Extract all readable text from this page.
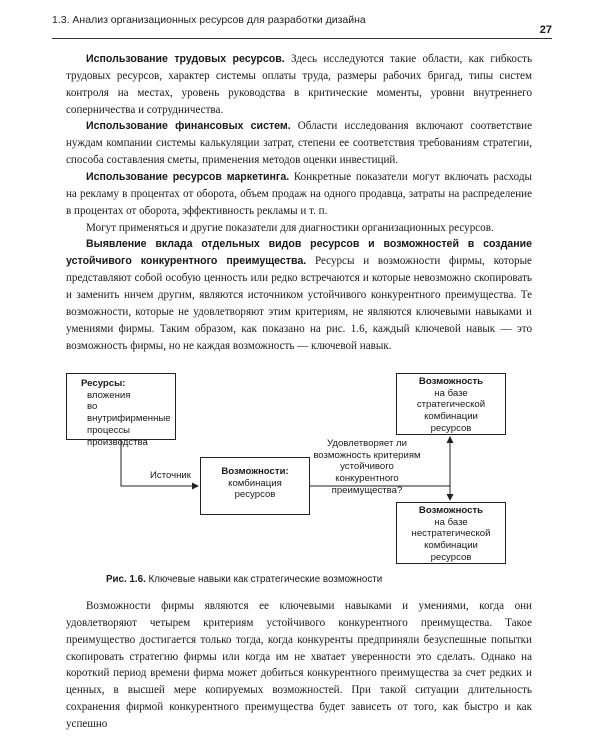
1.3. Анализ организационных ресурсов для разработки дизайна
27

Использование трудовых ресурсов. Здесь исследуются такие области, как гибкость трудовых ресурсов, характер системы оплаты труда, размеры рабочих бригад, типы систем контроля на местах, уровень руководства в критические моменты, уровни внутреннего соперничества и сотрудничества.

Использование финансовых систем. Области исследования включают соответствие нуждам компании системы калькуляции затрат, степени ее соответствия требованиям стратегии, способа составления сметы, применения методов оценки инвестиций.

Использование ресурсов маркетинга. Конкретные показатели могут включать расходы на рекламу в процентах от оборота, объем продаж на одного продавца, затраты на распределение в процентах от оборота, эффективность рекламы и т. п.

Могут применяться и другие показатели для диагностики организационных ресурсов.

Выявление вклада отдельных видов ресурсов и возможностей в создание устойчивого конкурентного преимущества. Ресурсы и возможности фирмы, которые представляют собой особую ценность или редко встречаются и которые невозможно скопировать и заменить ничем другим, являются источником устойчивого конкурентного преимущества. Те возможности, которые не удовлетворяют этим критериям, не являются ключевыми навыками и умениями фирмы. Таким образом, как показано на рис. 1.6, каждый ключевой навык — это возможность фирмы, но не каждая возможность — ключевой навык.

Ресурсы:
вложения
во внутрифирменные
процессы
производства
Источник	Возможности:
комбинация
ресурсов
Удовлетворяет ли возможность критериям устойчивого конкурентного преимущества?
Возможность
на базе
стратегической
комбинации
ресурсов
Возможность
на базе
нестратегической
комбинации
ресурсов
Рис. 1.6. Ключевые навыки как стратегические возможности

Возможности фирмы являются ее ключевыми навыками и умениями, когда они удовлетворяют четырем критериям устойчивого конкурентного преимущества. Такое преимущество достигается только тогда, когда конкуренты предприняли безуспешные попытки скопировать стратегию фирмы или когда им не хватает уверенности это сделать. Однако на короткий период времени фирма может добиться конкурентного преимущества за счет редких и ценных, в высшей мере копируемых возможностей. При такой ситуации длительность сохранения фирмой конкурентного преимущества будет зависеть от того, как быстро и как успешно
